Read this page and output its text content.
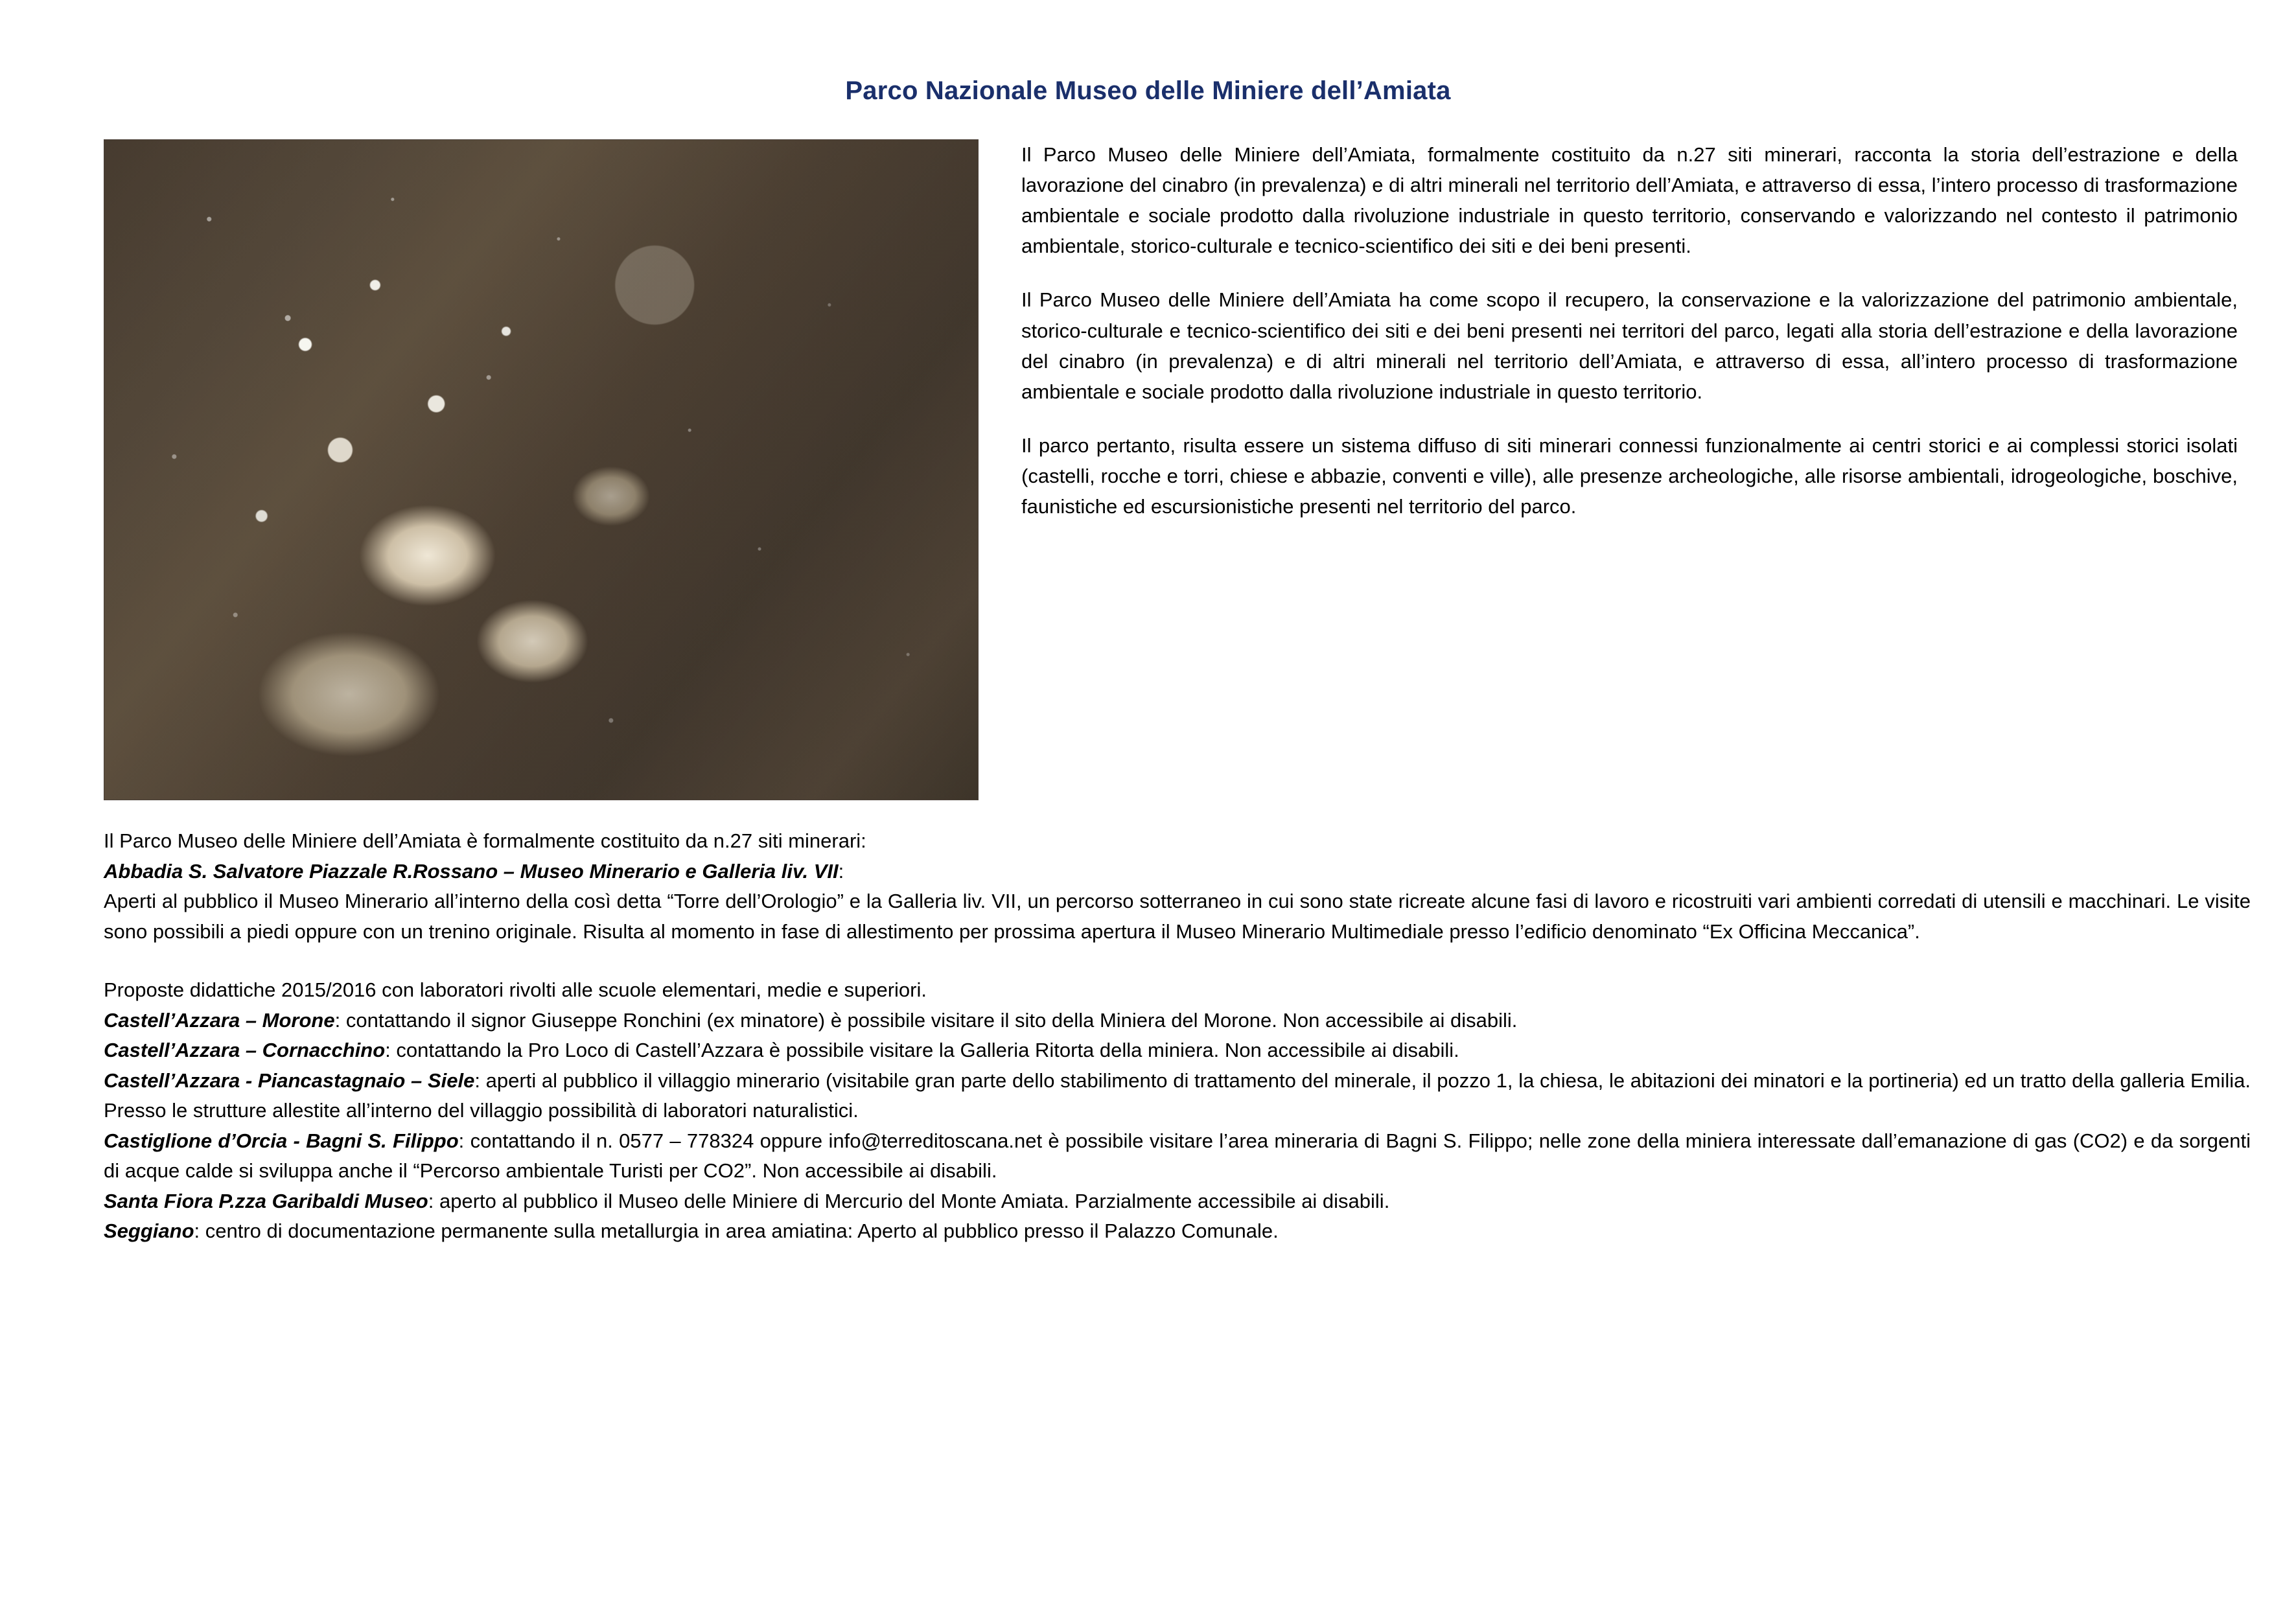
Parco Nazionale Museo delle Miniere dell’Amiata

Il Parco Museo delle Miniere dell’Amiata, formalmente costituito da n.27 siti minerari, racconta la storia dell’estrazione e della lavorazione del cinabro (in prevalenza) e di altri minerali nel territorio dell’Amiata, e attraverso di essa, l’intero processo di trasformazione ambientale e sociale prodotto dalla rivoluzione industriale in questo territorio, conservando e valorizzando nel contesto il patrimonio ambientale, storico-culturale e tecnico-scientifico dei siti e dei beni presenti.

Il Parco Museo delle Miniere dell’Amiata ha come scopo il recupero, la conservazione e la valorizzazione del patrimonio ambientale, storico-culturale e tecnico-scientifico dei siti e dei beni presenti nei territori del parco, legati alla storia dell’estrazione e della lavorazione del cinabro (in prevalenza) e di altri minerali nel territorio dell’Amiata, e attraverso di essa, all’intero processo di trasformazione ambientale e sociale prodotto dalla rivoluzione industriale in questo territorio.

Il parco pertanto, risulta essere un sistema diffuso di siti minerari connessi funzionalmente ai centri storici e ai complessi storici isolati (castelli, rocche e torri, chiese e abbazie, conventi e ville), alle presenze archeologiche, alle risorse ambientali, idrogeologiche, boschive, faunistiche ed escursionistiche presenti nel territorio del parco.

Il Parco Museo delle Miniere dell’Amiata è formalmente costituito da n.27 siti minerari:

Abbadia S. Salvatore Piazzale R.Rossano – Museo Minerario e Galleria liv. VII:

Aperti al pubblico il Museo Minerario all’interno della così detta “Torre dell’Orologio” e la Galleria liv. VII, un percorso sotterraneo in cui sono state ricreate alcune fasi di lavoro e ricostruiti vari ambienti corredati di utensili e macchinari. Le visite sono possibili a piedi oppure con un trenino originale. Risulta al momento in fase di allestimento per prossima apertura il Museo Minerario Multimediale presso l’edificio denominato “Ex Officina Meccanica”.

Proposte didattiche 2015/2016 con laboratori rivolti alle scuole elementari, medie e superiori.

Castell’Azzara – Morone: contattando il signor Giuseppe Ronchini (ex minatore) è possibile visitare il sito della Miniera del Morone. Non accessibile ai disabili.

Castell’Azzara – Cornacchino: contattando la Pro Loco di Castell’Azzara è possibile visitare la Galleria Ritorta della miniera. Non accessibile ai disabili.

Castell’Azzara - Piancastagnaio – Siele: aperti al pubblico il villaggio minerario (visitabile gran parte dello stabilimento di trattamento del minerale, il pozzo 1, la chiesa, le abitazioni dei minatori e la portineria) ed un tratto della galleria Emilia. Presso le strutture allestite all’interno del villaggio possibilità di laboratori naturalistici.

Castiglione d’Orcia - Bagni S. Filippo: contattando il n. 0577 – 778324 oppure info@terreditoscana.net è possibile visitare l’area mineraria di Bagni S. Filippo; nelle zone della miniera interessate dall’emanazione di gas (CO2) e da sorgenti di acque calde si sviluppa anche il “Percorso ambientale Turisti per CO2”. Non accessibile ai disabili.

Santa Fiora P.zza Garibaldi Museo: aperto al pubblico il Museo delle Miniere di Mercurio del Monte Amiata. Parzialmente accessibile ai disabili.

Seggiano: centro di documentazione permanente sulla metallurgia in area amiatina: Aperto al pubblico presso il Palazzo Comunale.
